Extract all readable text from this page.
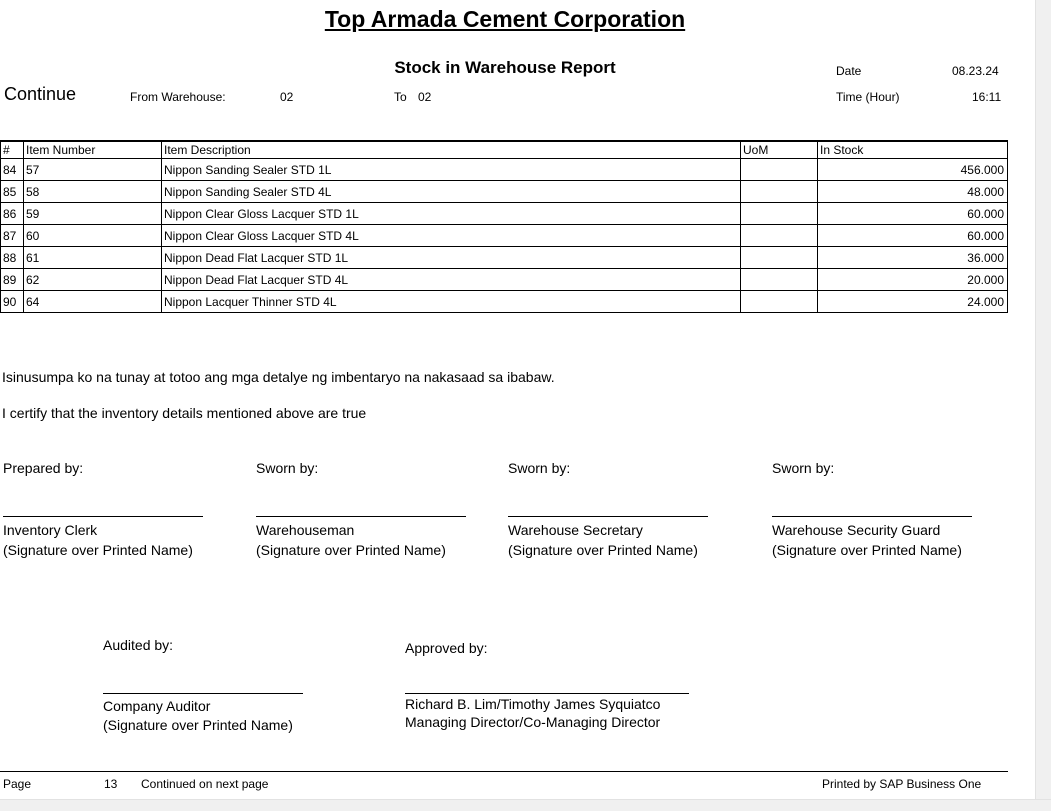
Top Armada Cement Corporation
Stock in Warehouse Report
Continue	From Warehouse:	02	To 02
Date	08.23.24
Time (Hour)	16:11
#	Item Number	Item Description	UoM	In Stock
84	57	Nippon Sanding Sealer STD 1L		456.000
85	58	Nippon Sanding Sealer STD 4L		48.000
86	59	Nippon Clear Gloss Lacquer STD 1L		60.000
87	60	Nippon Clear Gloss Lacquer STD 4L		60.000
88	61	Nippon Dead Flat Lacquer STD 1L		36.000
89	62	Nippon Dead Flat Lacquer STD 4L		20.000
90	64	Nippon Lacquer Thinner STD 4L		24.000
Isinusumpa ko na tunay at totoo ang mga detalye ng imbentaryo na nakasaad sa ibabaw.
I certify that the inventory details mentioned above are true
Prepared by:
Inventory Clerk
(Signature over Printed Name)
Sworn by:
Warehouseman
(Signature over Printed Name)
Sworn by:
Warehouse Secretary
(Signature over Printed Name)
Sworn by:
Warehouse Security Guard
(Signature over Printed Name)
Audited by:
Company Auditor
(Signature over Printed Name)
Approved by:
Richard B. Lim/Timothy James Syquiatco
Managing Director/Co-Managing Director
Page	13 Continued on next page	Printed by SAP Business One
